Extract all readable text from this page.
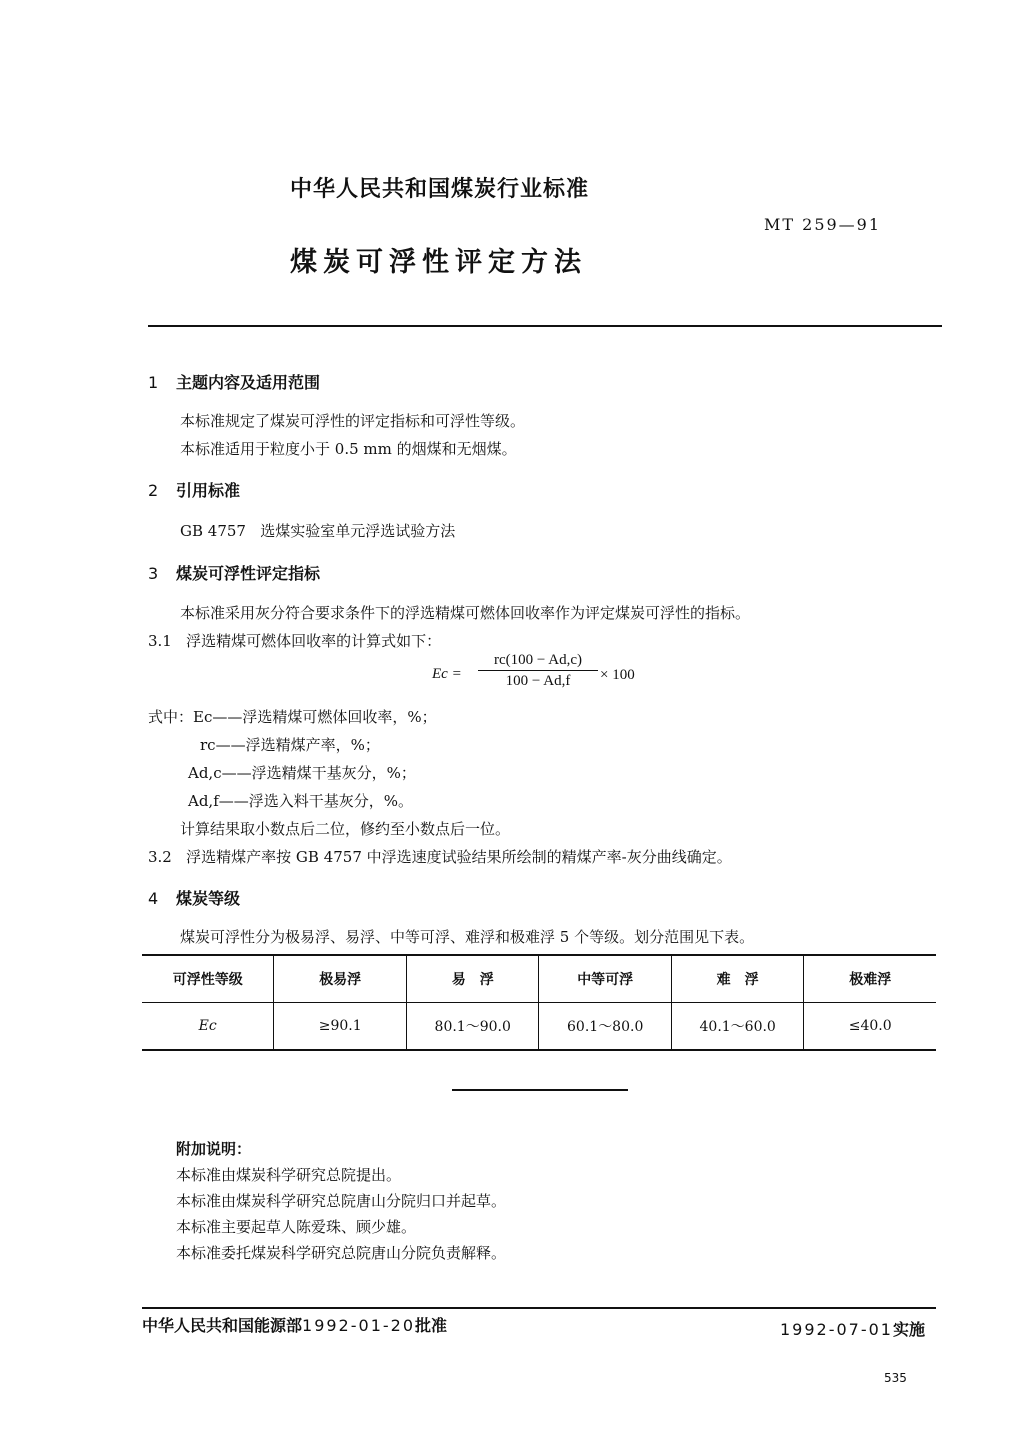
中华人民共和国煤炭行业标准
MT 259—91
煤炭可浮性评定方法
1 主题内容及适用范围
本标准规定了煤炭可浮性的评定指标和可浮性等级。
本标准适用于粒度小于 0.5 mm 的烟煤和无烟煤。
2 引用标准
GB 4757   选煤实验室单元浮选试验方法
3 煤炭可浮性评定指标
本标准采用灰分符合要求条件下的浮选精煤可燃体回收率作为评定煤炭可浮性的指标。
3.1   浮选精煤可燃体回收率的计算式如下：
$Ec = \frac{rc(100 - Ad,c)}{100 - Ad,f} \times 100$
式中：Ec——浮选精煤可燃体回收率，%；
rc——浮选精煤产率，%；
Ad,c——浮选精煤干基灰分，%；
Ad,f——浮选入料干基灰分，%。
计算结果取小数点后二位，修约至小数点后一位。
3.2   浮选精煤产率按 GB 4757 中浮选速度试验结果所绘制的精煤产率-灰分曲线确定。
4 煤炭等级
煤炭可浮性分为极易浮、易浮、中等可浮、难浮和极难浮 5 个等级。划分范围见下表。
可浮性等级	极易浮	易　浮	中等可浮	难　浮	极难浮
Ec	≥90.1	80.1～90.0	60.1～80.0	40.1～60.0	≤40.0
附加说明：
本标准由煤炭科学研究总院提出。
本标准由煤炭科学研究总院唐山分院归口并起草。
本标准主要起草人陈爱珠、顾少雄。
本标准委托煤炭科学研究总院唐山分院负责解释。
中华人民共和国能源部1992-01-20批准	1992-07-01实施
535
